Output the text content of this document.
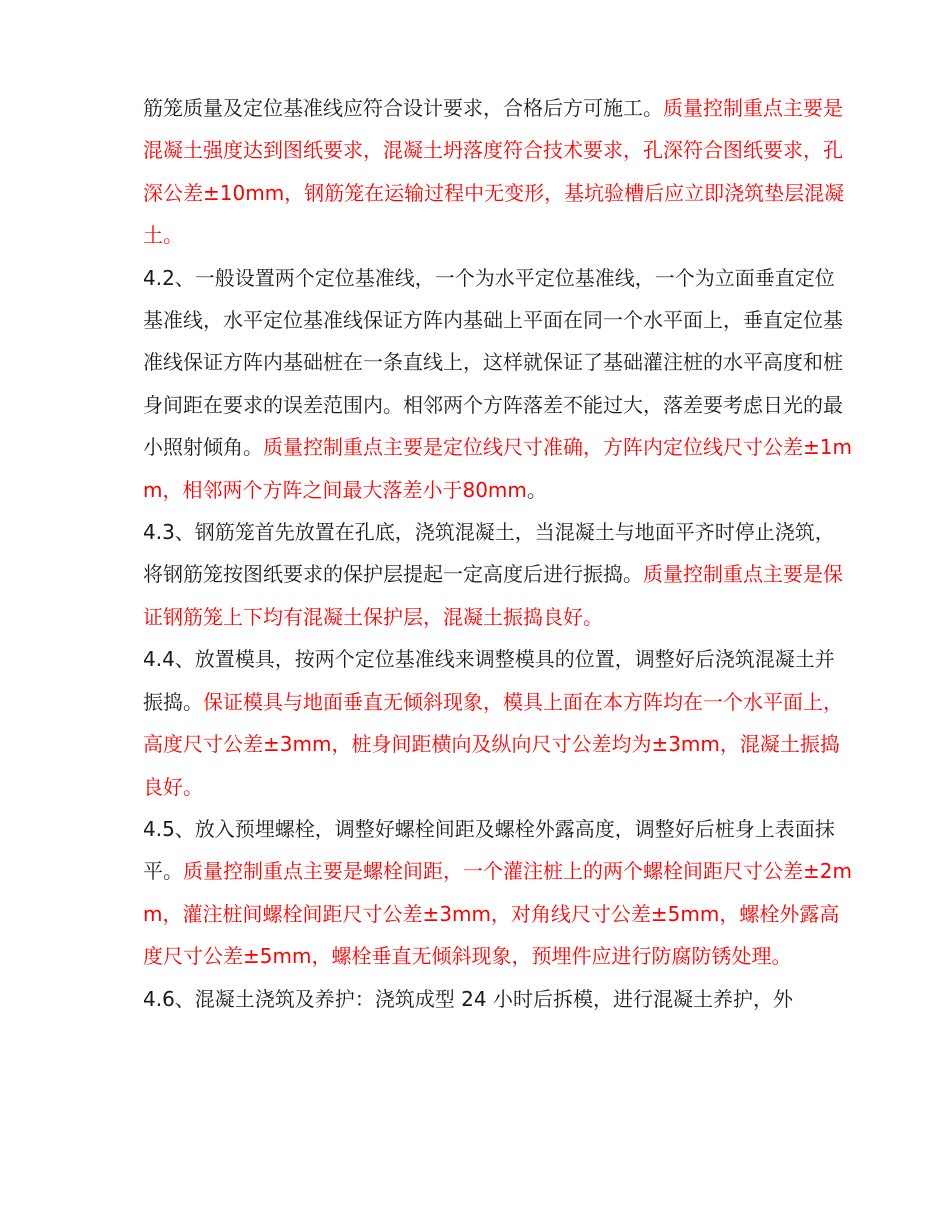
筋笼质量及定位基准线应符合设计要求，合格后方可施工。质量控制重点主要是混凝土强度达到图纸要求，混凝土坍落度符合技术要求，孔深符合图纸要求，孔深公差±10mm，钢筋笼在运输过程中无变形，基坑验槽后应立即浇筑垫层混凝土。

4.2、一般设置两个定位基准线，一个为水平定位基准线，一个为立面垂直定位基准线，水平定位基准线保证方阵内基础上平面在同一个水平面上，垂直定位基准线保证方阵内基础桩在一条直线上，这样就保证了基础灌注桩的水平高度和桩身间距在要求的误差范围内。相邻两个方阵落差不能过大，落差要考虑日光的最小照射倾角。质量控制重点主要是定位线尺寸准确，方阵内定位线尺寸公差±1mm，相邻两个方阵之间最大落差小于80mm。

4.3、钢筋笼首先放置在孔底，浇筑混凝土，当混凝土与地面平齐时停止浇筑，将钢筋笼按图纸要求的保护层提起一定高度后进行振捣。质量控制重点主要是保证钢筋笼上下均有混凝土保护层，混凝土振捣良好。

4.4、放置模具，按两个定位基准线来调整模具的位置，调整好后浇筑混凝土并振捣。保证模具与地面垂直无倾斜现象，模具上面在本方阵均在一个水平面上，高度尺寸公差±3mm，桩身间距横向及纵向尺寸公差均为±3mm，混凝土振捣良好。

4.5、放入预埋螺栓，调整好螺栓间距及螺栓外露高度，调整好后桩身上表面抹平。质量控制重点主要是螺栓间距，一个灌注桩上的两个螺栓间距尺寸公差±2mm，灌注桩间螺栓间距尺寸公差±3mm，对角线尺寸公差±5mm，螺栓外露高度尺寸公差±5mm，螺栓垂直无倾斜现象，预埋件应进行防腐防锈处理。

4.6、混凝土浇筑及养护：浇筑成型 24 小时后拆模，进行混凝土养护，外
